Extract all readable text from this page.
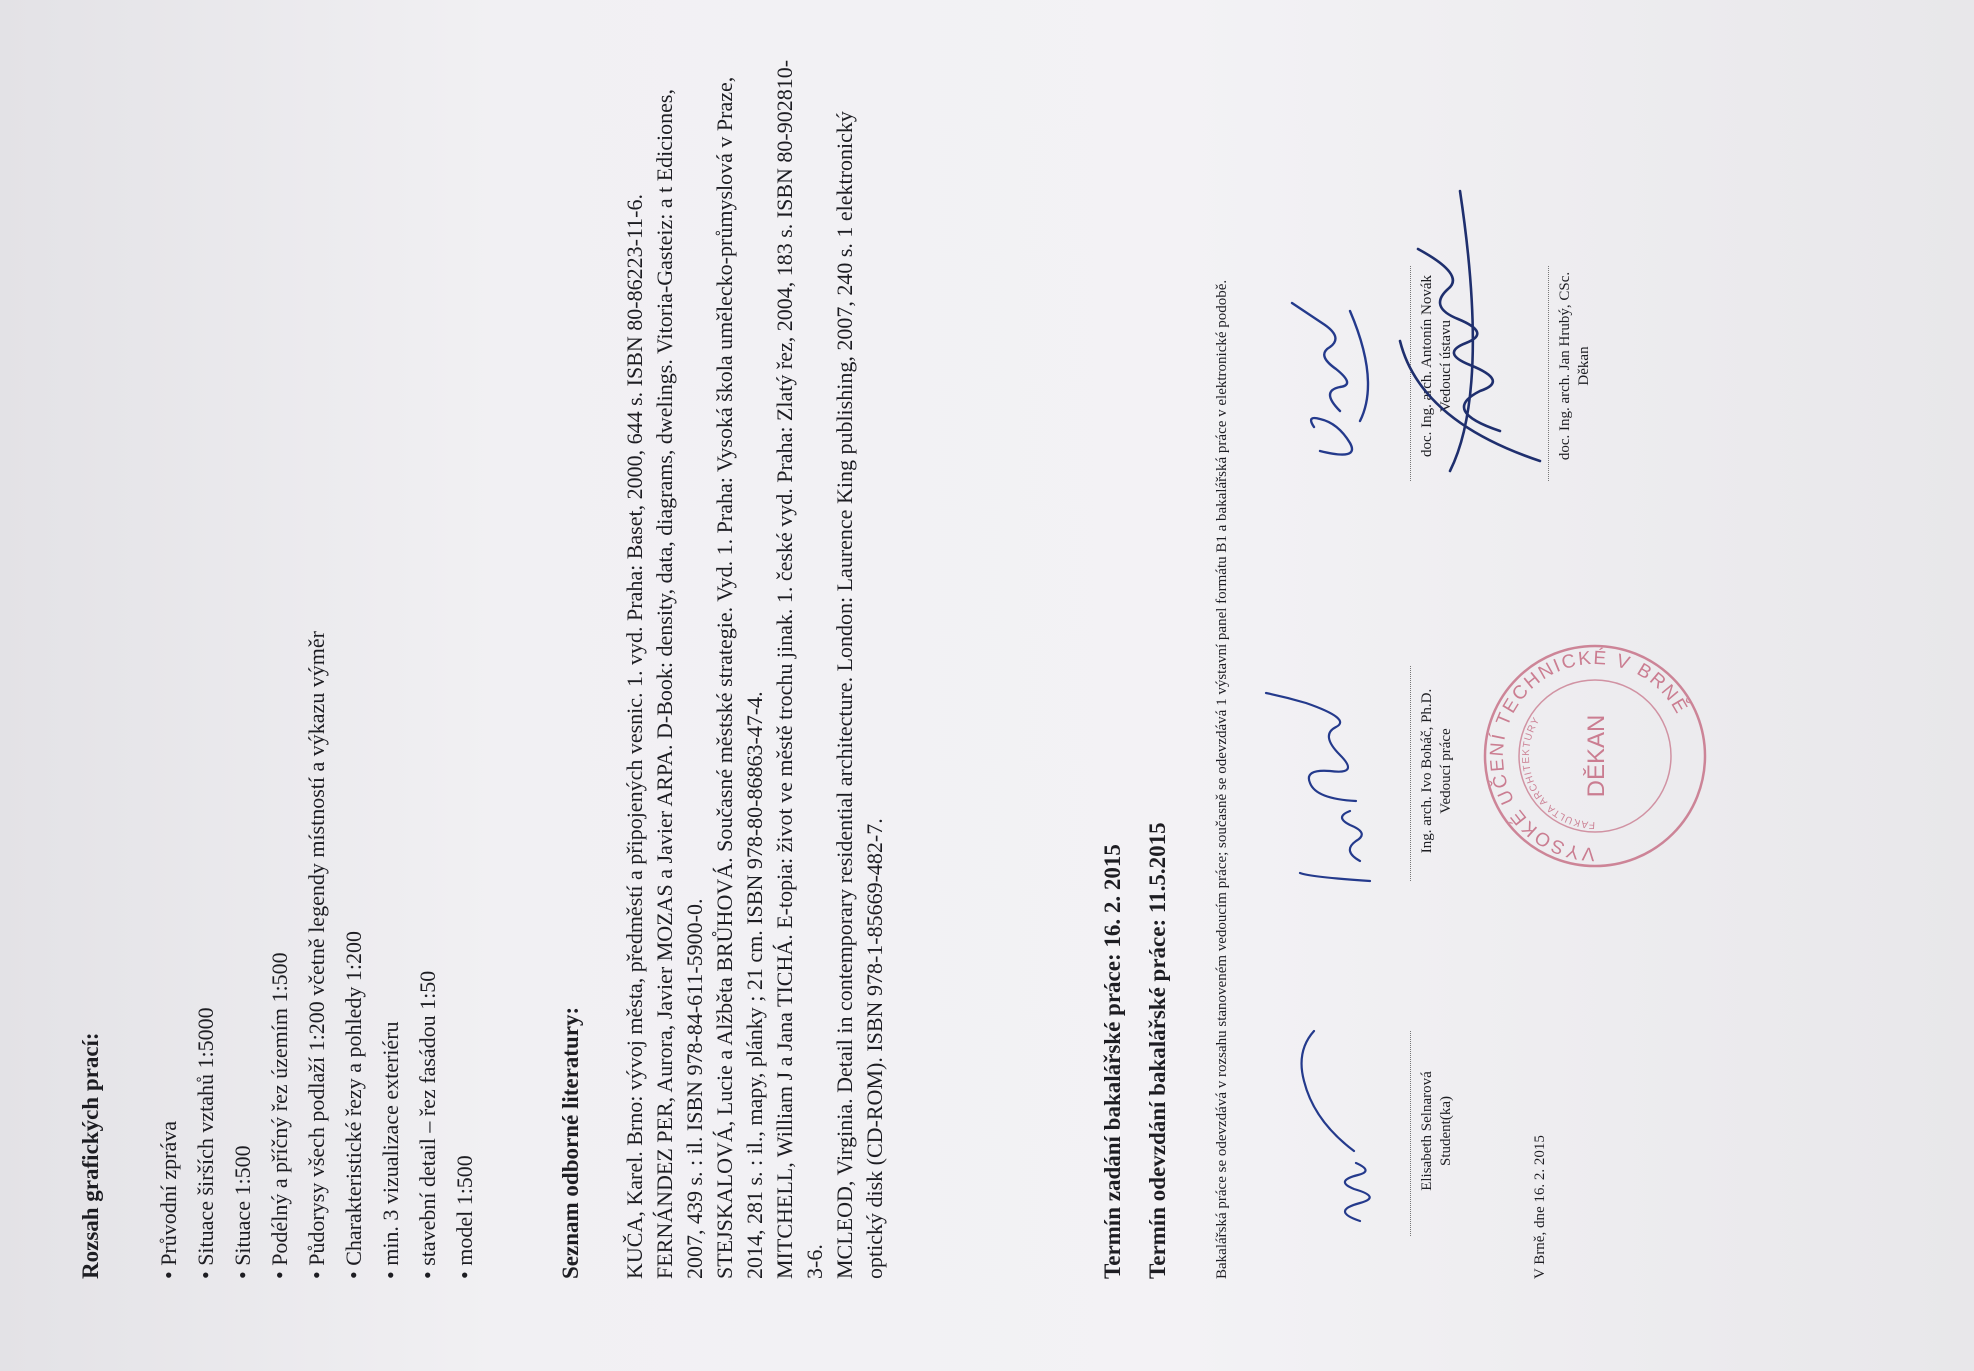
Rozsah grafických prací: • Průvodní zpráva • Situace širších vztahů 1:5000 • Situace 1:500 • Podélný a příčný řez územím 1:500 • Půdorysy všech podlaží 1:200 včetně legendy místností a výkazu výměr • Charakteristické řezy a pohledy 1:200 • min. 3 vizualizace exteriéru • stavební detail – řez fasádou 1:50 • model 1:500	Seznam odborné literatury: KUČA, Karel. Brno: vývoj města, předměstí a připojených vesnic. 1. vyd. Praha: Baset, 2000, 644 s. ISBN 80-86223-11-6. FERNÁNDEZ PER, Aurora, Javier MOZAS a Javier ARPA. D-Book: density, data, diagrams, dwelings. Vitoria-Gasteiz: a t Ediciones, 2007, 439 s. : il. ISBN 978-84-611-5900-0. STEJSKALOVÁ, Lucie a Alžběta BRŮHOVÁ. Současné městské strategie. Vyd. 1. Praha: Vysoká škola umělecko-průmyslová v Praze, 2014, 281 s. : il., mapy, plánky ; 21 cm. ISBN 978-80-86863-47-4. MITCHELL, William J a Jana TICHÁ. E-topia: život ve městě trochu jinak. 1. české vyd. Praha: Zlatý řez, 2004, 183 s. ISBN 80-902810-3-6. MCLEOD, Virginia. Detail in contemporary residential architecture. London: Laurence King publishing, 2007, 240 s. 1 elektronický optický disk (CD-ROM). ISBN 978-1-85669-482-7.	Termín zadání bakalářské práce: 16. 2. 2015 Termín odevzdání bakalářské práce: 11.5.2015	Bakalářská práce se odevzdává v rozsahu stanoveném vedoucím práce; současně se odevzdává 1 výstavní panel formátu B1 a bakalářská práce v elektronické podobě.	Elisabeth Selnarová Student(ka)
Ing. arch. Ivo Boháč, Ph.D. Vedoucí práce
doc. Ing. arch. Antonín Novák Vedoucí ústavu
V Brně, dne 16. 2. 2015
doc. Ing. arch. Jan Hrubý, CSc. Děkan
VYSOKÉ UČENÍ TECHNICKÉ V BRNĚ
FAKULTA ARCHITEKTURY	DĚKAN
